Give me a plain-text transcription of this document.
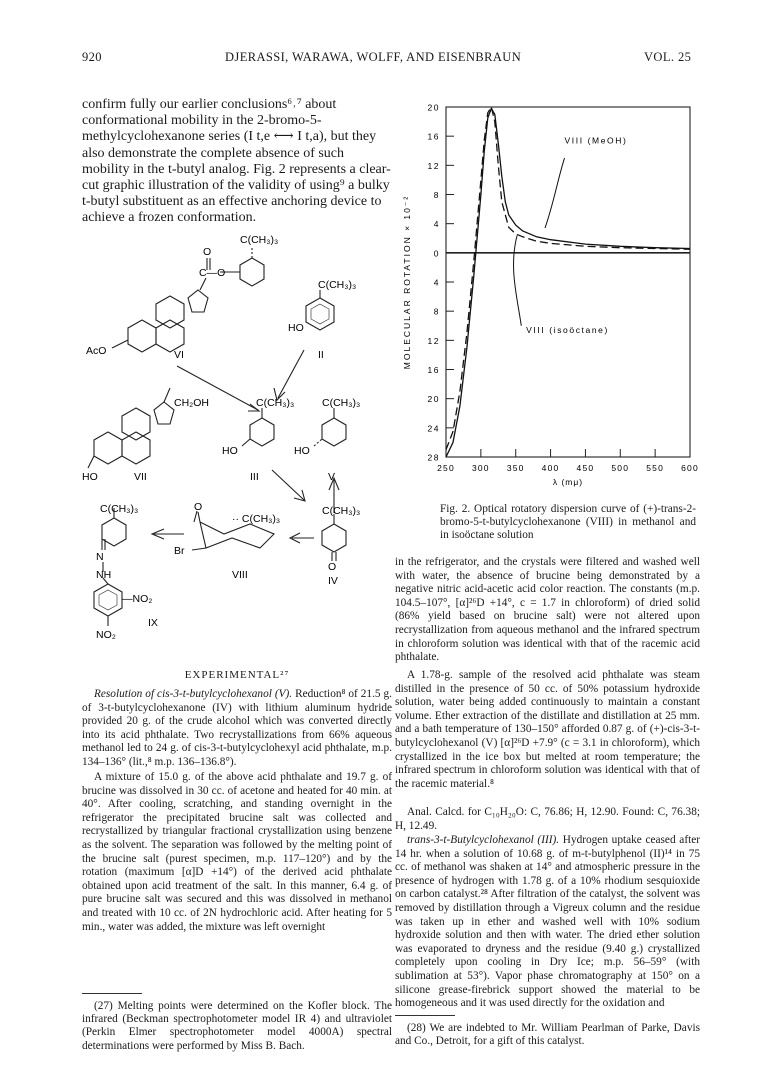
920	DJERASSI, WARAWA, WOLFF, AND EISENBRAUN	VOL. 25
confirm fully our earlier conclusions⁶˒⁷ about conformational mobility in the 2-bromo-5-methylcyclohexanone series (I t,e ⟷ I t,a), but they also demonstrate the complete absence of such mobility in the t-butyl analog. Fig. 2 represents a clear-cut graphic illustration of the validity of using⁹ a bulky t-butyl substituent as an effective anchoring device to achieve a frozen conformation.
C(CH₃)₃
O
C—O
C(CH₃)₃
HO
AcO	VI	II
CH₂OH	C(CH₃)₃	C(CH₃)₃
HO	VII
HO
III
HO
V
C(CH₃)₃	O
·· C(CH₃)₃
C(CH₃)₃
Br
N
NH	VIII
O
IV
—NO₂
NO₂
IX
EXPERIMENTAL²⁷
Resolution of cis-3-t-butylcyclohexanol (V). Reduction⁸ of 21.5 g. of 3-t-butylcyclohexanone (IV) with lithium aluminum hydride provided 20 g. of the crude alcohol which was converted directly into its acid phthalate. Two recrystallizations from 66% aqueous methanol led to 24 g. of cis-3-t-butylcyclohexyl acid phthalate, m.p. 134–136° (lit.,⁸ m.p. 136–136.8°).
A mixture of 15.0 g. of the above acid phthalate and 19.7 g. of brucine was dissolved in 30 cc. of acetone and heated for 40 min. at 40°. After cooling, scratching, and standing overnight in the refrigerator the precipitated brucine salt was collected and recrystallized by triangular fractional crystallization using benzene as the solvent. The separation was followed by the melting point of the brucine salt (purest specimen, m.p. 117–120°) and by the rotation (maximum [α]D +14°) of the derived acid phthalate obtained upon acid treatment of the salt. In this manner, 6.4 g. of pure brucine salt was secured and this was dissolved in methanol and treated with 10 cc. of 2N hydrochloric acid. After heating for 5 min., water was added, the mixture was left overnight
(27) Melting points were determined on the Kofler block. The infrared (Beckman spectrophotometer model IR 4) and ultraviolet (Perkin Elmer spectrophotometer model 4000A) spectral determinations were performed by Miss B. Bach.
20
16
12
8
4
0
4
8
12
16
20
24
28
250 300 350 400 450 500 550 600
λ (mμ)
MOLECULAR ROTATION × 10⁻²
VIII (MeOH)
VIII (isoöctane)
Fig. 2. Optical rotatory dispersion curve of (+)-trans-2-bromo-5-t-butylcyclohexanone (VIII) in methanol and in isoöctane solution
in the refrigerator, and the crystals were filtered and washed well with water, the absence of brucine being demonstrated by a negative nitric acid-acetic acid color reaction. The constants (m.p. 104.5–107°, [α]²⁶D +14°, c = 1.7 in chloroform) of dried solid (86% yield based on brucine salt) were not altered upon recrystallization from aqueous methanol and the infrared spectrum in chloroform solution was identical with that of the racemic acid phthalate.
A 1.78-g. sample of the resolved acid phthalate was steam distilled in the presence of 50 cc. of 50% potassium hydroxide solution, water being added continuously to maintain a constant volume. Ether extraction of the distillate and distillation at 25 mm. and a bath temperature of 130–150° afforded 0.87 g. of (+)-cis-3-t-butylcyclohexanol (V) [α]²⁶D +7.9° (c = 3.1 in chloroform), which crystallized in the ice box but melted at room temperature; the infrared spectrum in chloroform solution was identical with that of the racemic material.⁸
Anal. Calcd. for C₁₀H₂₀O: C, 76.86; H, 12.90. Found: C, 76.38; H, 12.49.
trans-3-t-Butylcyclohexanol (III). Hydrogen uptake ceased after 14 hr. when a solution of 10.68 g. of m-t-butylphenol (II)¹⁴ in 75 cc. of methanol was shaken at 14° and atmospheric pressure in the presence of hydrogen with 1.78 g. of a 10% rhodium sesquioxide on carbon catalyst.²⁸ After filtration of the catalyst, the solvent was removed by distillation through a Vigreux column and the residue was taken up in ether and washed well with 10% sodium hydroxide solution and then with water. The dried ether solution was evaporated to dryness and the residue (9.40 g.) crystallized completely upon cooling in Dry Ice; m.p. 56–59° (with sublimation at 53°). Vapor phase chromatography at 150° on a silicone grease-firebrick support showed the material to be homogeneous and it was used directly for the oxidation and
(28) We are indebted to Mr. William Pearlman of Parke, Davis and Co., Detroit, for a gift of this catalyst.
